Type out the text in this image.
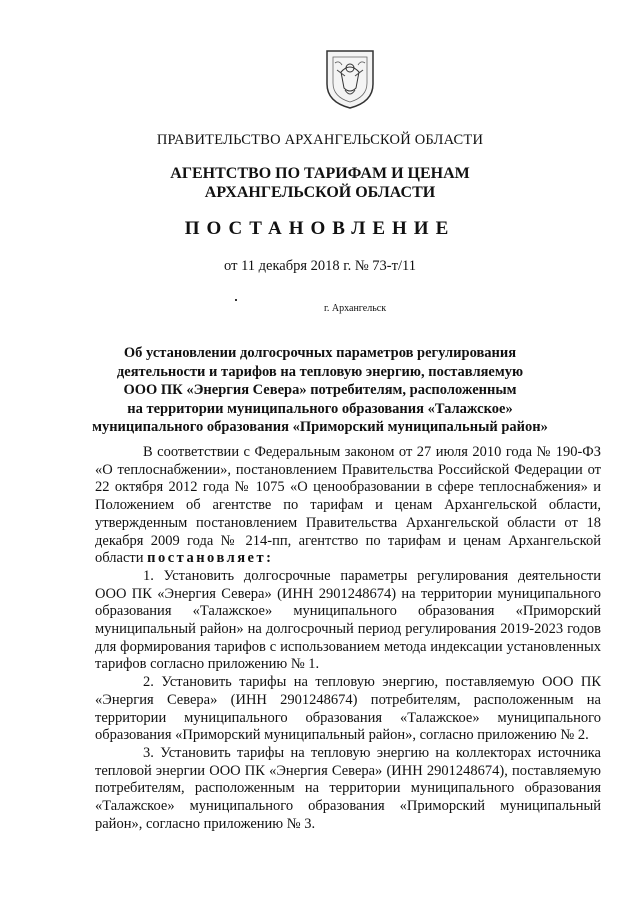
ПРАВИТЕЛЬСТВО АРХАНГЕЛЬСКОЙ ОБЛАСТИ
АГЕНТСТВО ПО ТАРИФАМ И ЦЕНАМ
АРХАНГЕЛЬСКОЙ ОБЛАСТИ
ПОСТАНОВЛЕНИЕ
от 11 декабря 2018 г. № 73-т/11
г. Архангельск
Об установлении долгосрочных параметров регулирования
деятельности и тарифов на тепловую энергию, поставляемую
ООО ПК «Энергия Севера» потребителям, расположенным
на территории муниципального образования «Талажское»
муниципального образования «Приморский муниципальный район»

В соответствии с Федеральным законом от 27 июля 2010 года № 190-ФЗ «О теплоснабжении», постановлением Правительства Российской Федерации от 22 октября 2012 года № 1075 «О ценообразовании в сфере теплоснабжения» и Положением об агентстве по тарифам и ценам Архангельской области, утвержденным постановлением Правительства Архангельской области от 18 декабря 2009 года № 214-пп, агентство по тарифам и ценам Архангельской области постановляет:

1. Установить долгосрочные параметры регулирования деятельности ООО ПК «Энергия Севера» (ИНН 2901248674) на территории муниципального образования «Талажское» муниципального образования «Приморский муниципальный район» на долгосрочный период регулирования 2019-2023 годов для формирования тарифов с использованием метода индексации установленных тарифов согласно приложению № 1.

2. Установить тарифы на тепловую энергию, поставляемую ООО ПК «Энергия Севера» (ИНН 2901248674) потребителям, расположенным на территории муниципального образования «Талажское» муниципального образования «Приморский муниципальный район», согласно приложению № 2.

3. Установить тарифы на тепловую энергию на коллекторах источника тепловой энергии ООО ПК «Энергия Севера» (ИНН 2901248674), поставляемую потребителям, расположенным на территории муниципального образования «Талажское» муниципального образования «Приморский муниципальный район», согласно приложению № 3.
